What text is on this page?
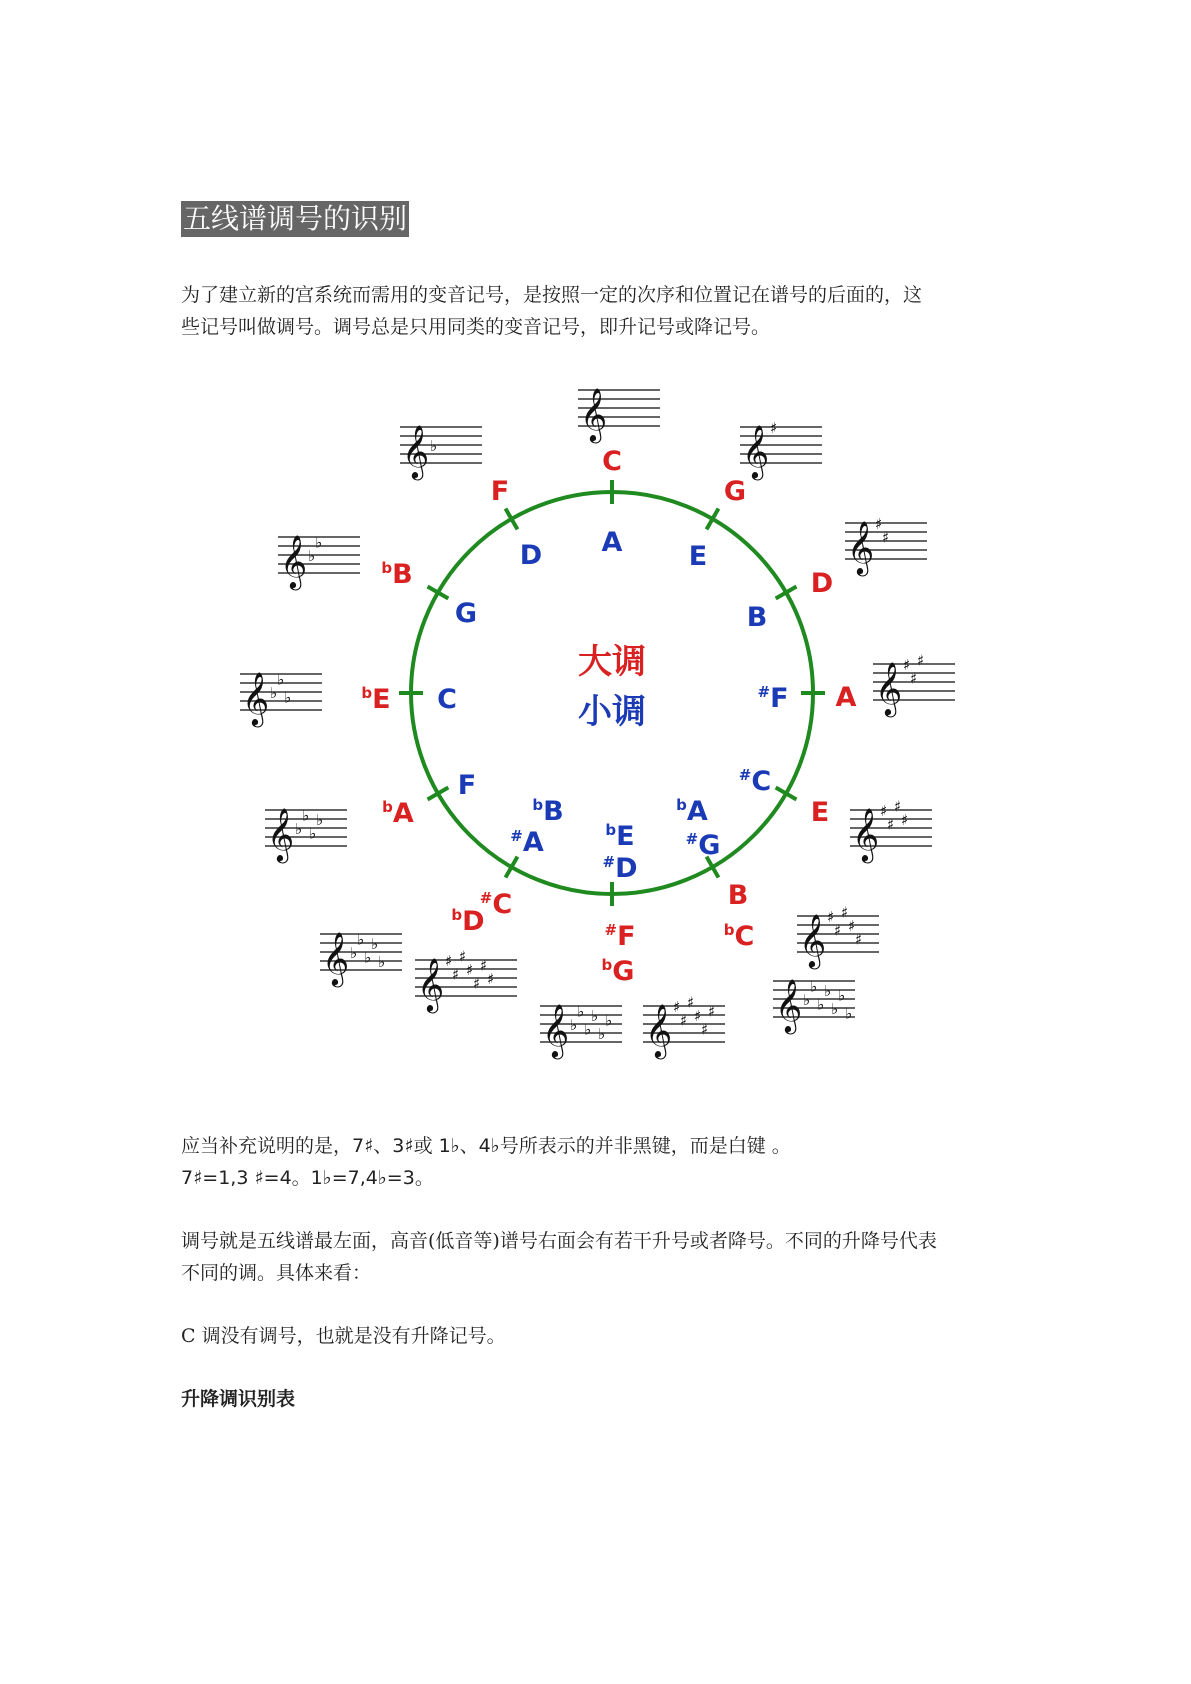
五线谱调号的识别
为了建立新的宫系统而需用的变音记号，是按照一定的次序和位置记在谱号的后面的，这
些记号叫做调号。调号总是只用同类的变音记号，即升记号或降记号。
大调
小调
C
G
D
A
E
B
$^b$C
#F
$^b$G
#C
$^b$D
$^b$A
$^b$E
$^b$B
F
A E
B
#F
#C
$^b$A
#G
$^b$E
#D
$^b$B
#A
F
C
G
D
𝄞
𝄞 ♯
𝄞 ♯
♯
𝄞 ♯
♯
♯
𝄞 ♯
♯
♯
♯
𝄞 ♯
♯
♯
♯
♯
𝄞 ♭
♭
♭
♭
♭
♭
♭
𝄞 ♯
♯
♯
♯
♯
♯
𝄞 ♭
♭
♭
♭
♭
♭
𝄞 ♯
♯
♯
♯
♯
♯
♯
𝄞 ♭
♭
♭
♭
♭
𝄞 ♭
♭
♭
♭
𝄞 ♭
♭
♭
𝄞 ♭
♭
𝄞 ♭
应当补充说明的是，7♯、3♯或 1♭、4♭号所表示的并非黑键，而是白键 。
7♯=1,3 ♯=4。1♭=7,4♭=3。
调号就是五线谱最左面，高音(低音等)谱号右面会有若干升号或者降号。不同的升降号代表
不同的调。具体来看：
C 调没有调号，也就是没有升降记号。
升降调识别表
